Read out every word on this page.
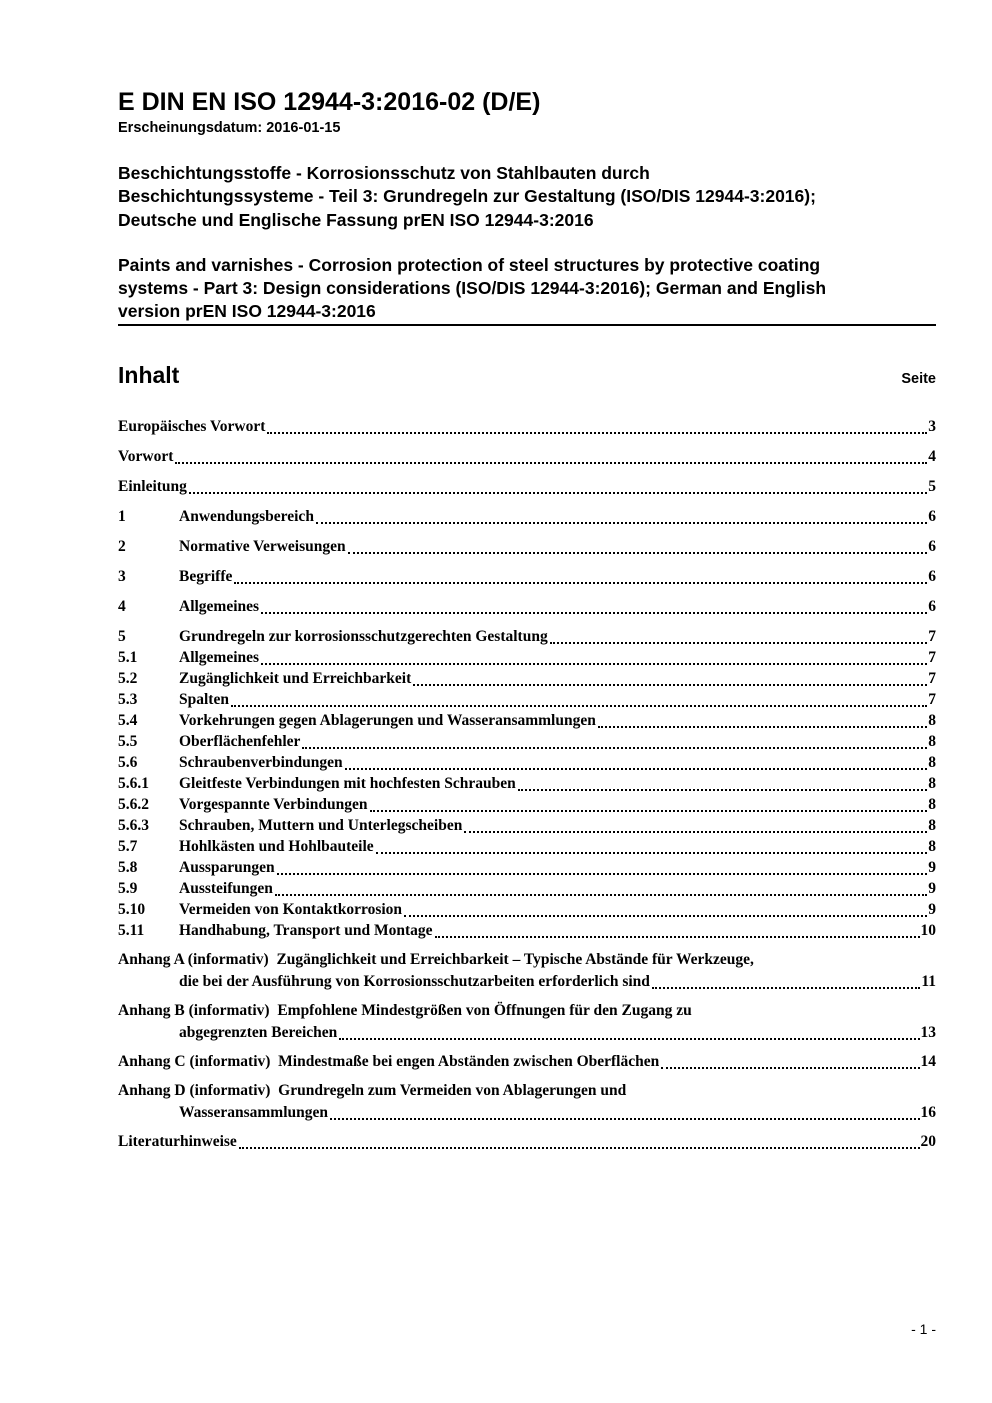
E DIN EN ISO 12944-3:2016-02 (D/E)
Erscheinungsdatum: 2016-01-15
Beschichtungsstoffe - Korrosionsschutz von Stahlbauten durch
Beschichtungssysteme - Teil 3: Grundregeln zur Gestaltung (ISO/DIS 12944-3:2016);
Deutsche und Englische Fassung prEN ISO 12944-3:2016
Paints and varnishes - Corrosion protection of steel structures by protective coating
systems - Part 3: Design considerations (ISO/DIS 12944-3:2016); German and English
version prEN ISO 12944-3:2016
Inhalt	Seite
Europäisches Vorwort	3
Vorwort	4
Einleitung	5
1	Anwendungsbereich	6
2	Normative Verweisungen	6
3	Begriffe	6
4	Allgemeines	6
5	Grundregeln zur korrosionsschutzgerechten Gestaltung	7
5.1	Allgemeines	7
5.2	Zugänglichkeit und Erreichbarkeit	7
5.3	Spalten	7
5.4	Vorkehrungen gegen Ablagerungen und Wasseransammlungen	8
5.5	Oberflächenfehler	8
5.6	Schraubenverbindungen	8
5.6.1	Gleitfeste Verbindungen mit hochfesten Schrauben	8
5.6.2	Vorgespannte Verbindungen	8
5.6.3	Schrauben, Muttern und Unterlegscheiben	8
5.7	Hohlkästen und Hohlbauteile	8
5.8	Aussparungen	9
5.9	Aussteifungen	9
5.10	Vermeiden von Kontaktkorrosion	9
5.11	Handhabung, Transport und Montage	10
Anhang A (informativ)  Zugänglichkeit und Erreichbarkeit – Typische Abstände für Werkzeuge,
die bei der Ausführung von Korrosionsschutzarbeiten erforderlich sind	11
Anhang B (informativ)  Empfohlene Mindestgrößen von Öffnungen für den Zugang zu
abgegrenzten Bereichen	13
Anhang C (informativ)  Mindestmaße bei engen Abständen zwischen Oberflächen	14
Anhang D (informativ)  Grundregeln zum Vermeiden von Ablagerungen und
Wasseransammlungen	16
Literaturhinweise	20
- 1 -
